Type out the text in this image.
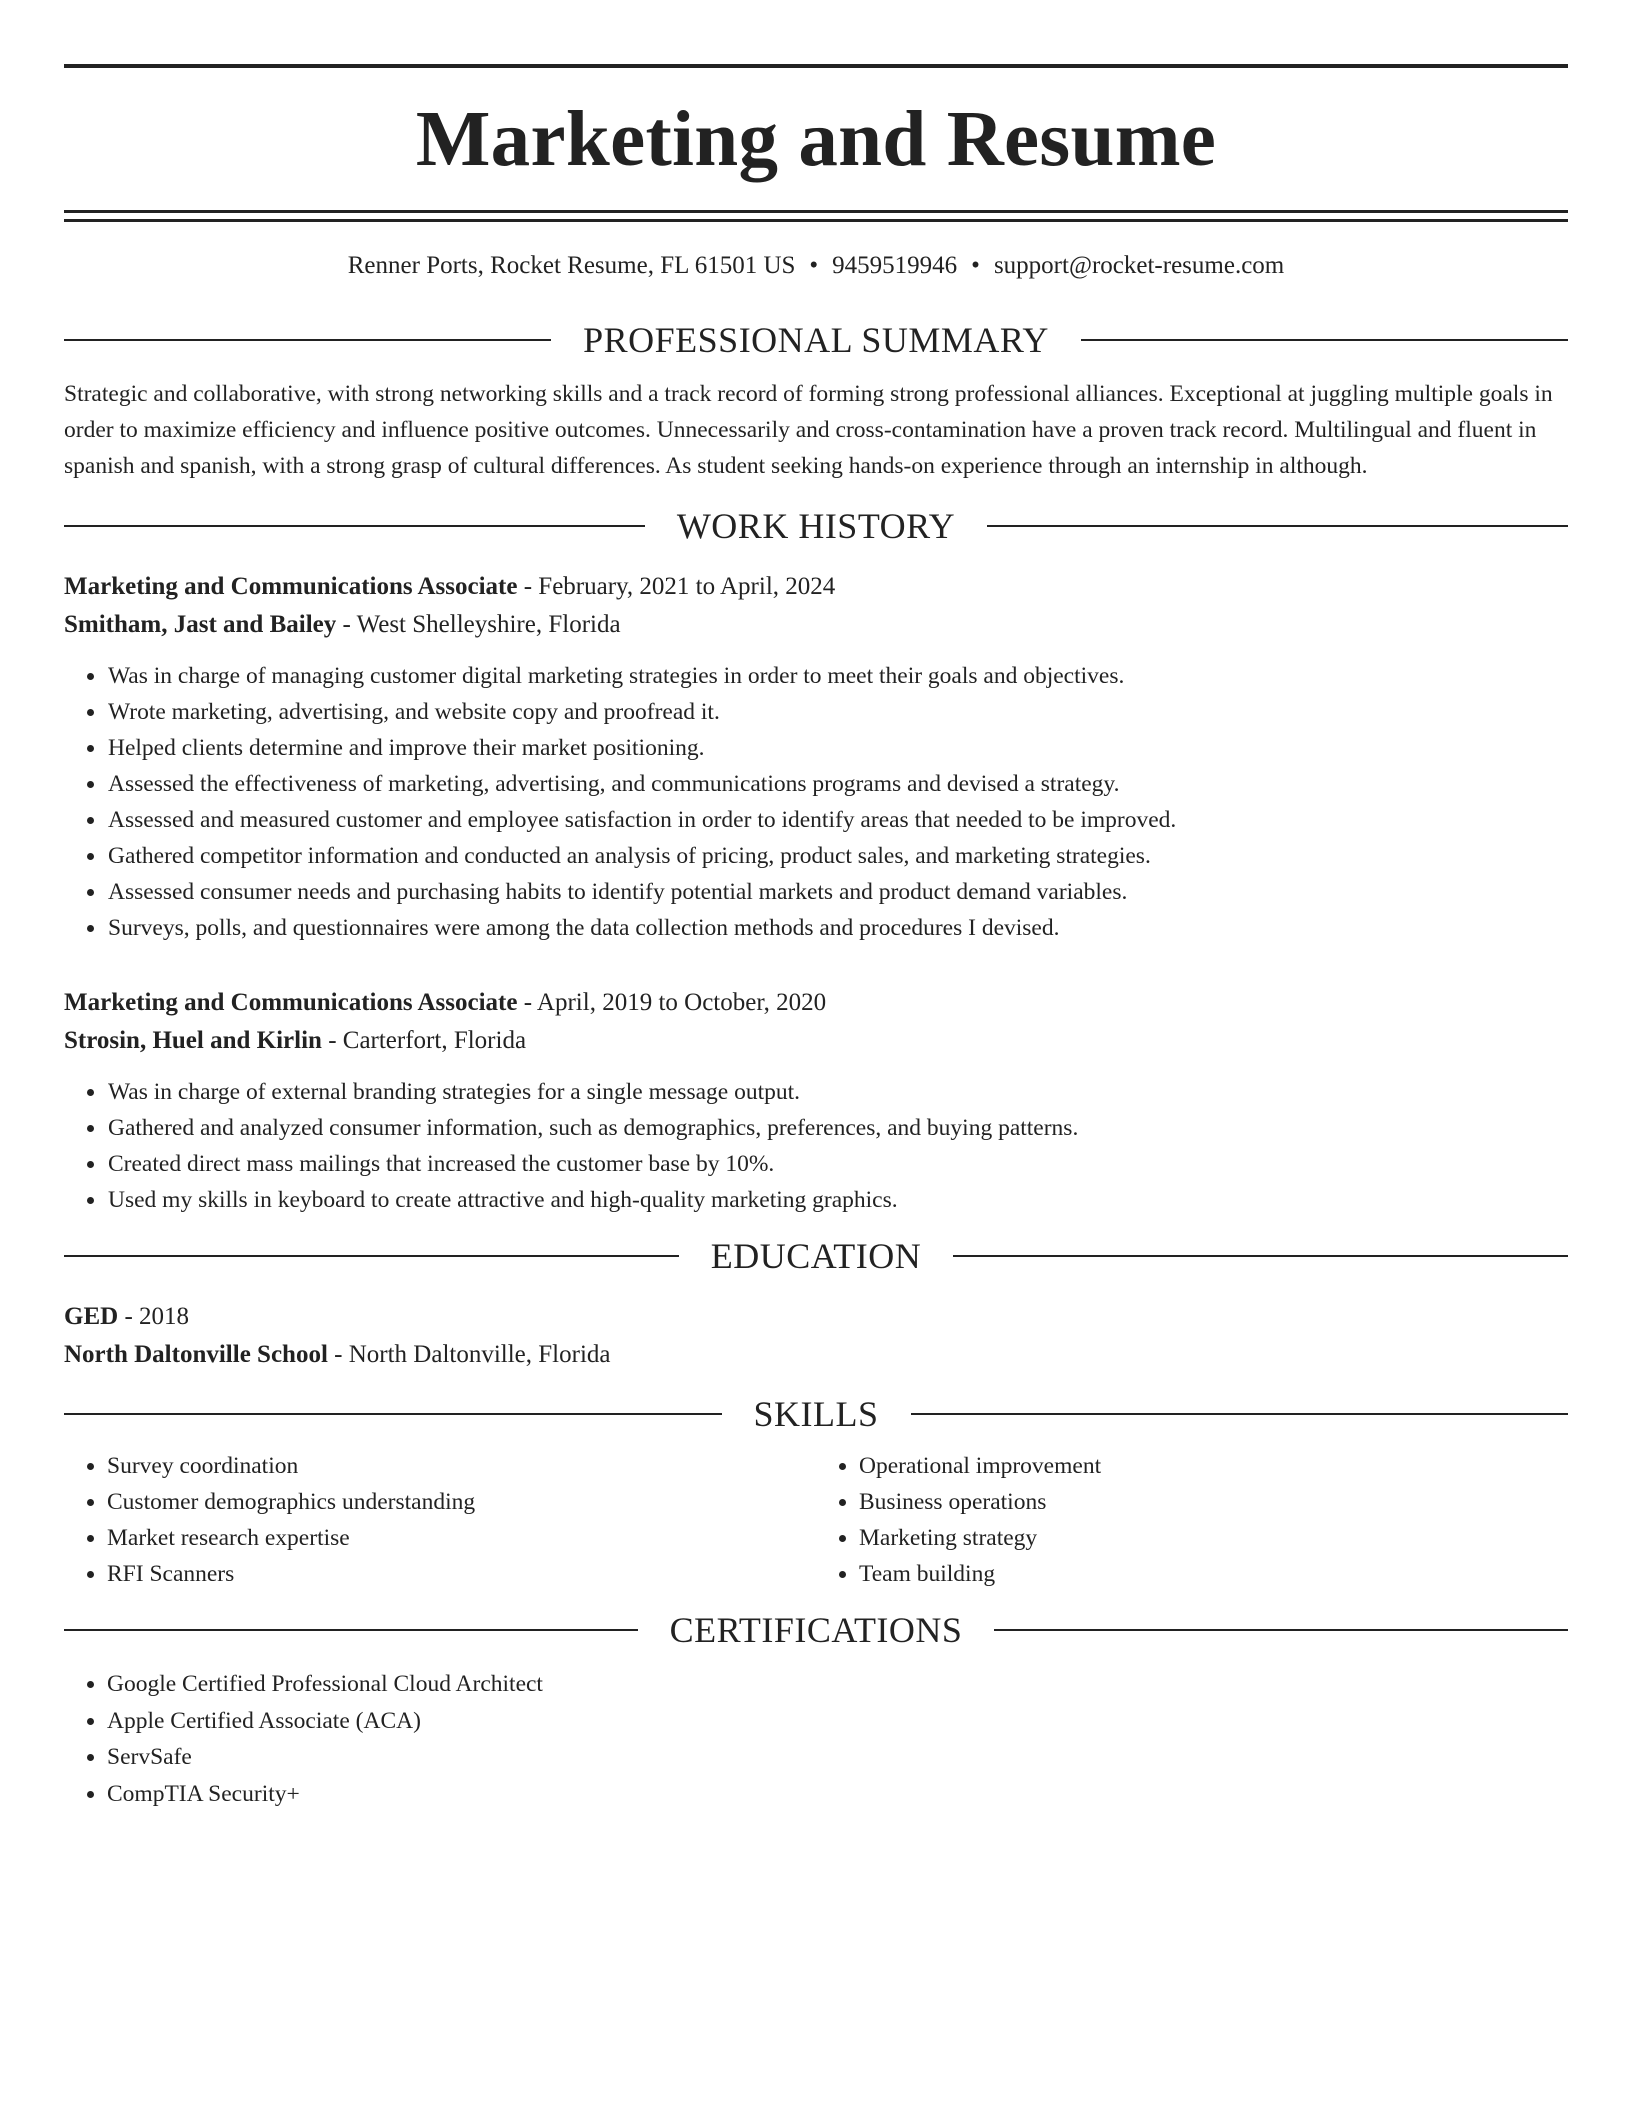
Marketing and Resume
Renner Ports, Rocket Resume, FL 61501 US • 9459519946 • support@rocket-resume.com
PROFESSIONAL SUMMARY

Strategic and collaborative, with strong networking skills and a track record of forming strong professional alliances. Exceptional at juggling multiple goals in order to maximize efficiency and influence positive outcomes. Unnecessarily and cross-contamination have a proven track record. Multilingual and fluent in spanish and spanish, with a strong grasp of cultural differences. As student seeking hands-on experience through an internship in although.

WORK HISTORY
Marketing and Communications Associate - February, 2021 to April, 2024
Smitham, Jast and Bailey - West Shelleyshire, Florida
• Was in charge of managing customer digital marketing strategies in order to meet their goals and objectives.
• Wrote marketing, advertising, and website copy and proofread it.
• Helped clients determine and improve their market positioning.
• Assessed the effectiveness of marketing, advertising, and communications programs and devised a strategy.
• Assessed and measured customer and employee satisfaction in order to identify areas that needed to be improved.
• Gathered competitor information and conducted an analysis of pricing, product sales, and marketing strategies.
• Assessed consumer needs and purchasing habits to identify potential markets and product demand variables.
• Surveys, polls, and questionnaires were among the data collection methods and procedures I devised.
Marketing and Communications Associate - April, 2019 to October, 2020
Strosin, Huel and Kirlin - Carterfort, Florida
• Was in charge of external branding strategies for a single message output.
• Gathered and analyzed consumer information, such as demographics, preferences, and buying patterns.
• Created direct mass mailings that increased the customer base by 10%.
• Used my skills in keyboard to create attractive and high-quality marketing graphics.
EDUCATION
GED - 2018
North Daltonville School - North Daltonville, Florida
SKILLS
• Survey coordination
• Customer demographics understanding
• Market research expertise
• RFI Scanners
• Operational improvement
• Business operations
• Marketing strategy
• Team building
CERTIFICATIONS
• Google Certified Professional Cloud Architect
• Apple Certified Associate (ACA)
• ServSafe
• CompTIA Security+
